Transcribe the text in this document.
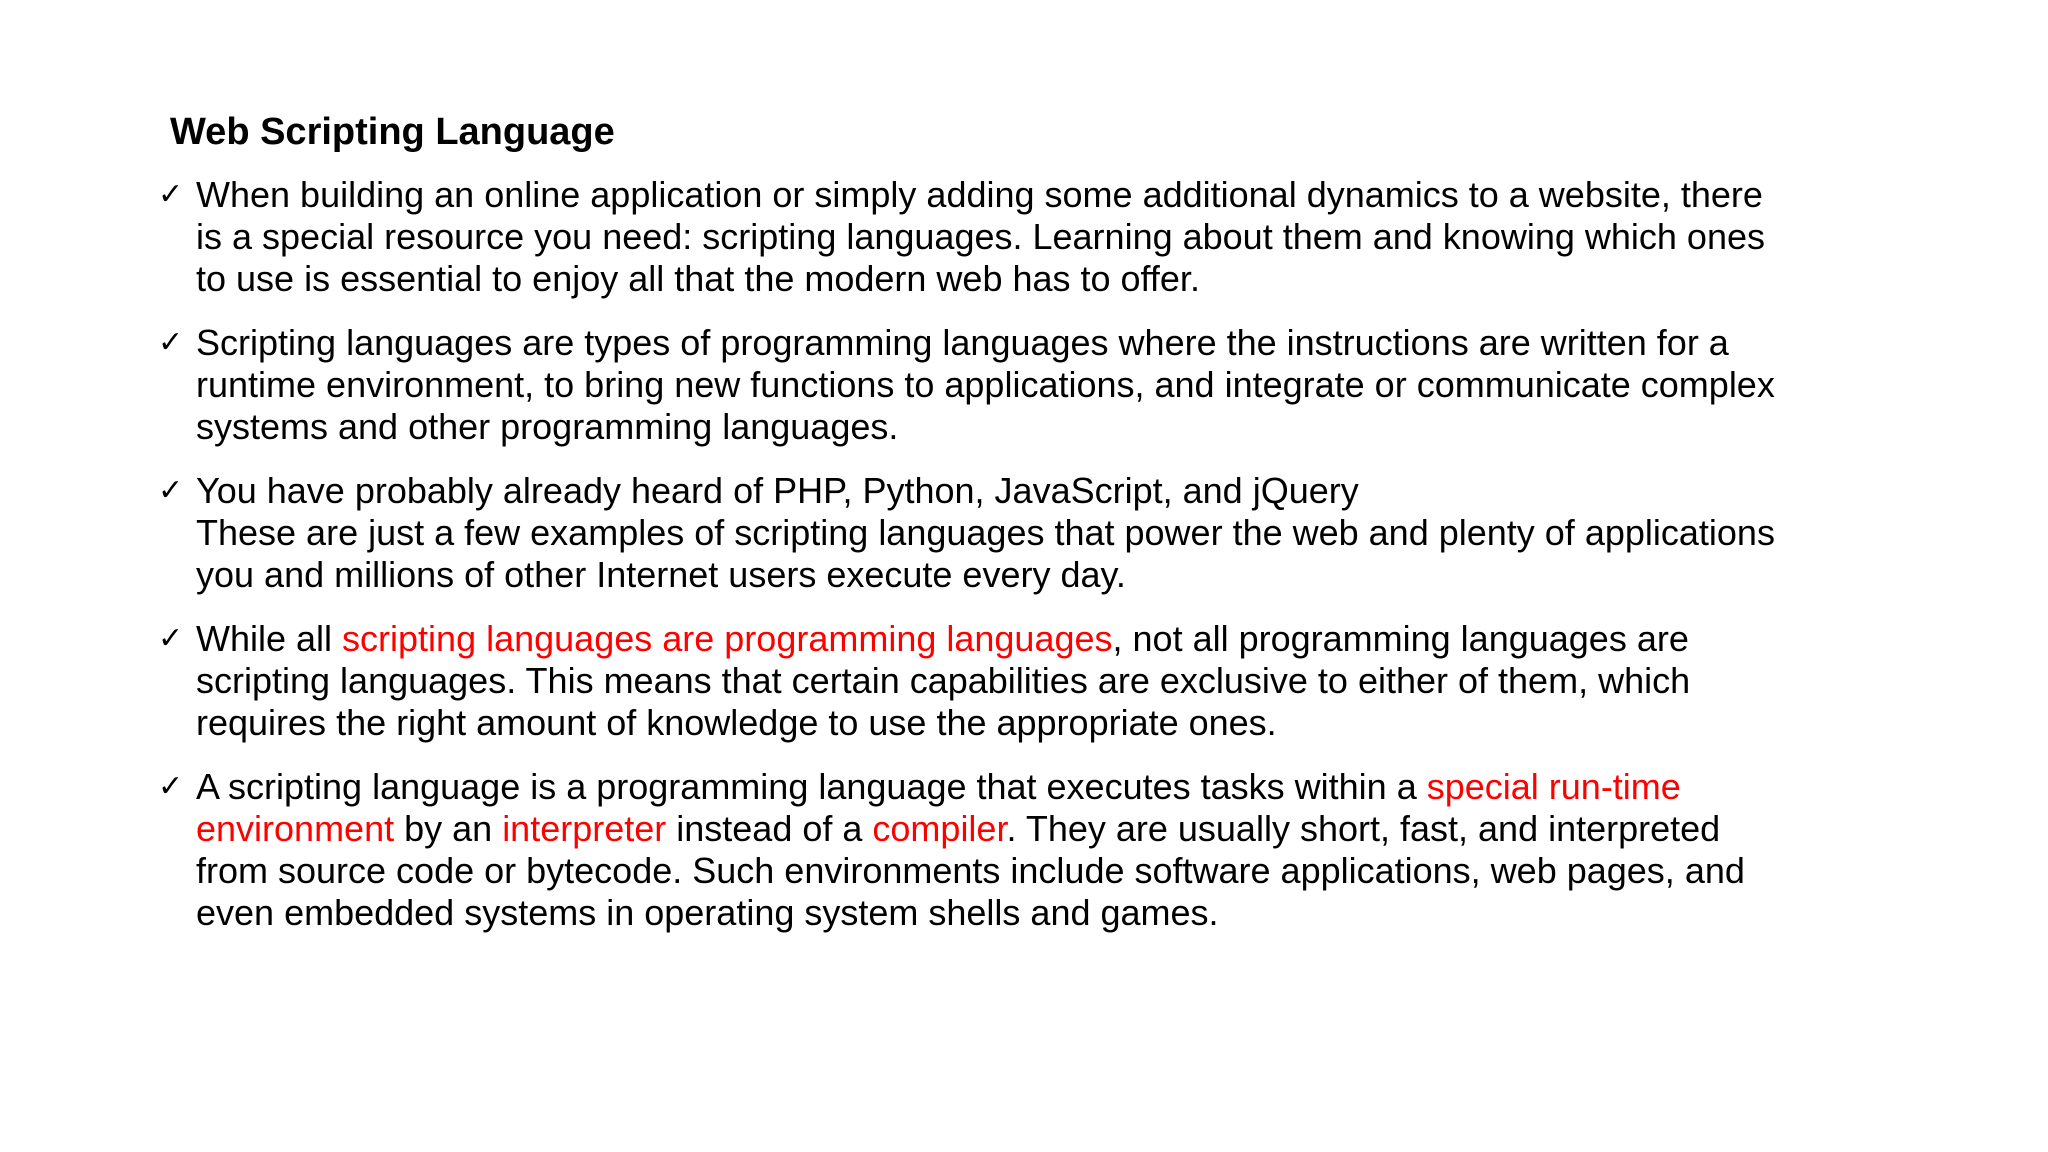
Web Scripting Language
✓ When building an online application or simply adding some additional dynamics to a website, there
is a special resource you need: scripting languages. Learning about them and knowing which ones
to use is essential to enjoy all that the modern web has to offer.
✓ Scripting languages are types of programming languages where the instructions are written for a
runtime environment, to bring new functions to applications, and integrate or communicate complex
systems and other programming languages.
✓ You have probably already heard of PHP, Python, JavaScript, and jQuery
These are just a few examples of scripting languages that power the web and plenty of applications
you and millions of other Internet users execute every day.
✓ While all scripting languages are programming languages, not all programming languages are
scripting languages. This means that certain capabilities are exclusive to either of them, which
requires the right amount of knowledge to use the appropriate ones.
✓ A scripting language is a programming language that executes tasks within a special run-time
environment by an interpreter instead of a compiler. They are usually short, fast, and interpreted
from source code or bytecode. Such environments include software applications, web pages, and
even embedded systems in operating system shells and games.
